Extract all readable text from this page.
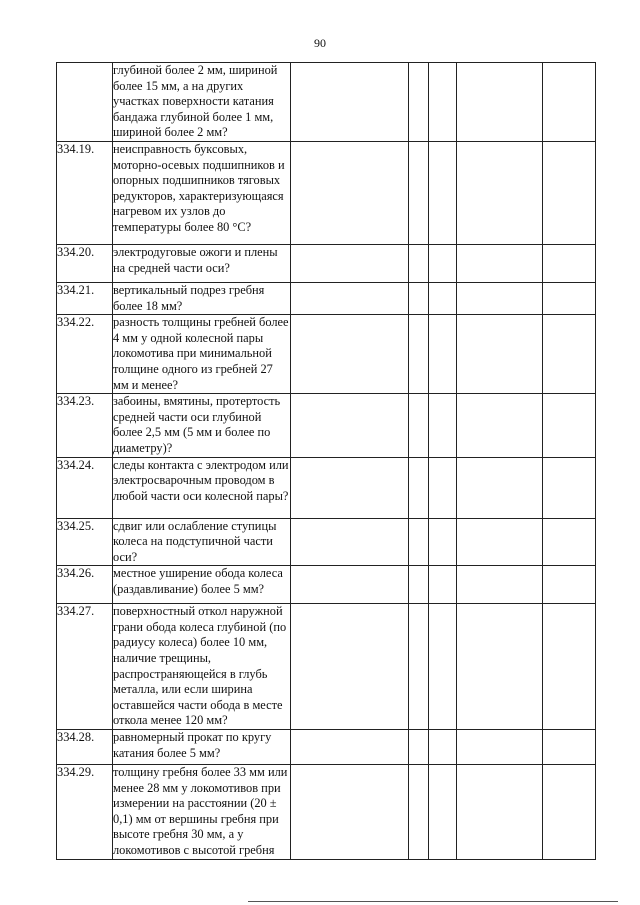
90
	глубиной более 2 мм, шириной более 15 мм, а на других участках поверхности катания бандажа глубиной более 1 мм, шириной более 2 мм?					
334.19.	неисправность буксовых, моторно-осевых подшипников и опорных подшипников тяговых редукторов, характеризующаяся нагревом их узлов до температуры более 80 °С?					
334.20.	электродуговые ожоги и плены на средней части оси?					
334.21.	вертикальный подрез гребня более 18 мм?					
334.22.	разность толщины гребней более 4 мм у одной колесной пары локомотива при минимальной толщине одного из гребней 27 мм и менее?					
334.23.	забоины, вмятины, протертость средней части оси глубиной более 2,5 мм (5 мм и более по диаметру)?					
334.24.	следы контакта с электродом или электросварочным проводом в любой части оси колесной пары?					
334.25.	сдвиг или ослабление ступицы колеса на подступичной части оси?					
334.26.	местное уширение обода колеса (раздавливание) более 5 мм?					
334.27.	поверхностный откол наружной грани обода колеса глубиной (по радиусу колеса) более 10 мм, наличие трещины, распространяющейся в глубь металла, или если ширина оставшейся части обода в месте откола менее 120 мм?					
334.28.	равномерный прокат по кругу катания более 5 мм?					
334.29.	толщину гребня более 33 мм или менее 28 мм у локомотивов при измерении на расстоянии (20 ± 0,1) мм от вершины гребня при высоте гребня 30 мм, а у локомотивов с высотой гребня					
